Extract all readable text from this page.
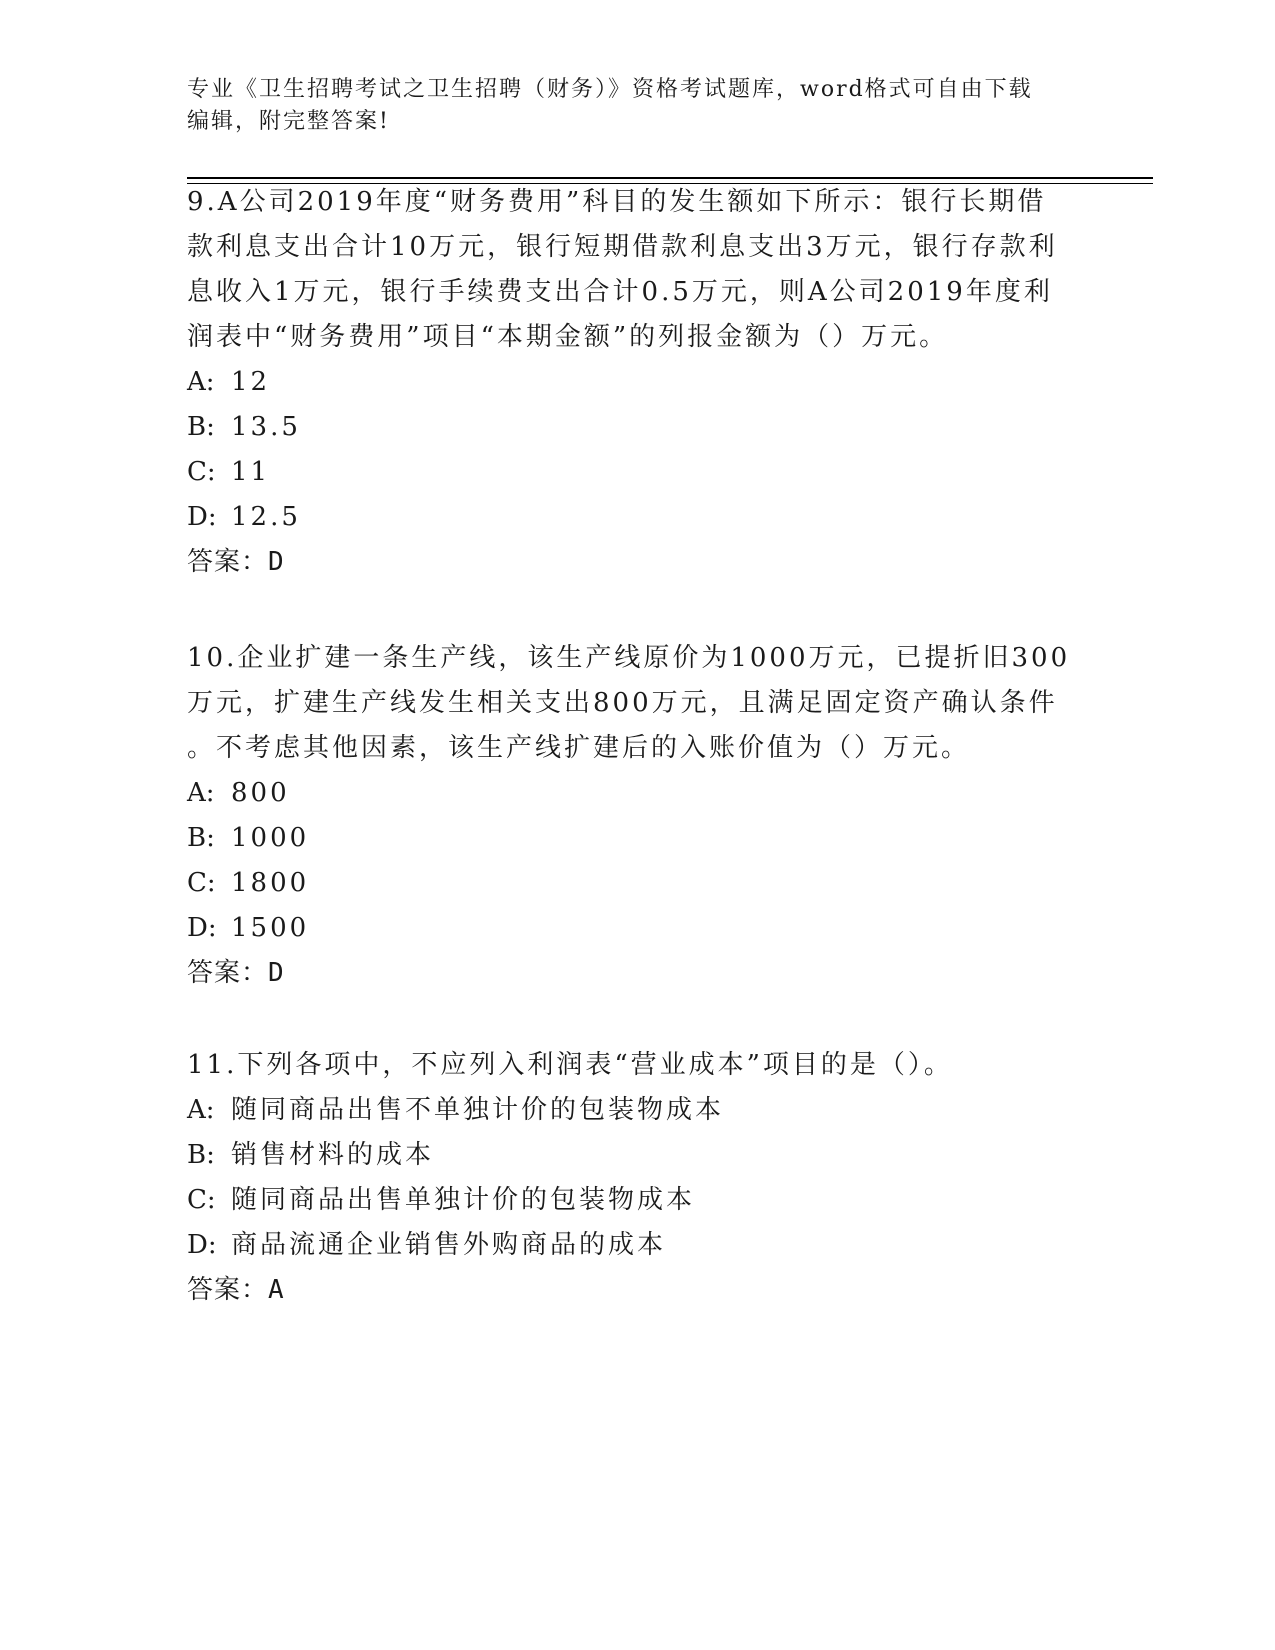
专业《卫生招聘考试之卫生招聘（财务）》资格考试题库，word格式可自由下载
编辑，附完整答案!
9.A公司2019年度“财务费用”科目的发生额如下所示：银行长期借
款利息支出合计10万元，银行短期借款利息支出3万元，银行存款利
息收入1万元，银行手续费支出合计0.5万元，则A公司2019年度利
润表中“财务费用”项目“本期金额”的列报金额为（）万元。
A: 12
B: 13.5
C: 11
D: 12.5
答案：D
10.企业扩建一条生产线，该生产线原价为1000万元，已提折旧300
万元，扩建生产线发生相关支出800万元，且满足固定资产确认条件
。不考虑其他因素，该生产线扩建后的入账价值为（）万元。
A: 800
B: 1000
C: 1800
D: 1500
答案：D
11.下列各项中，不应列入利润表“营业成本”项目的是（）。
A: 随同商品出售不单独计价的包装物成本
B: 销售材料的成本
C: 随同商品出售单独计价的包装物成本
D: 商品流通企业销售外购商品的成本
答案：A
